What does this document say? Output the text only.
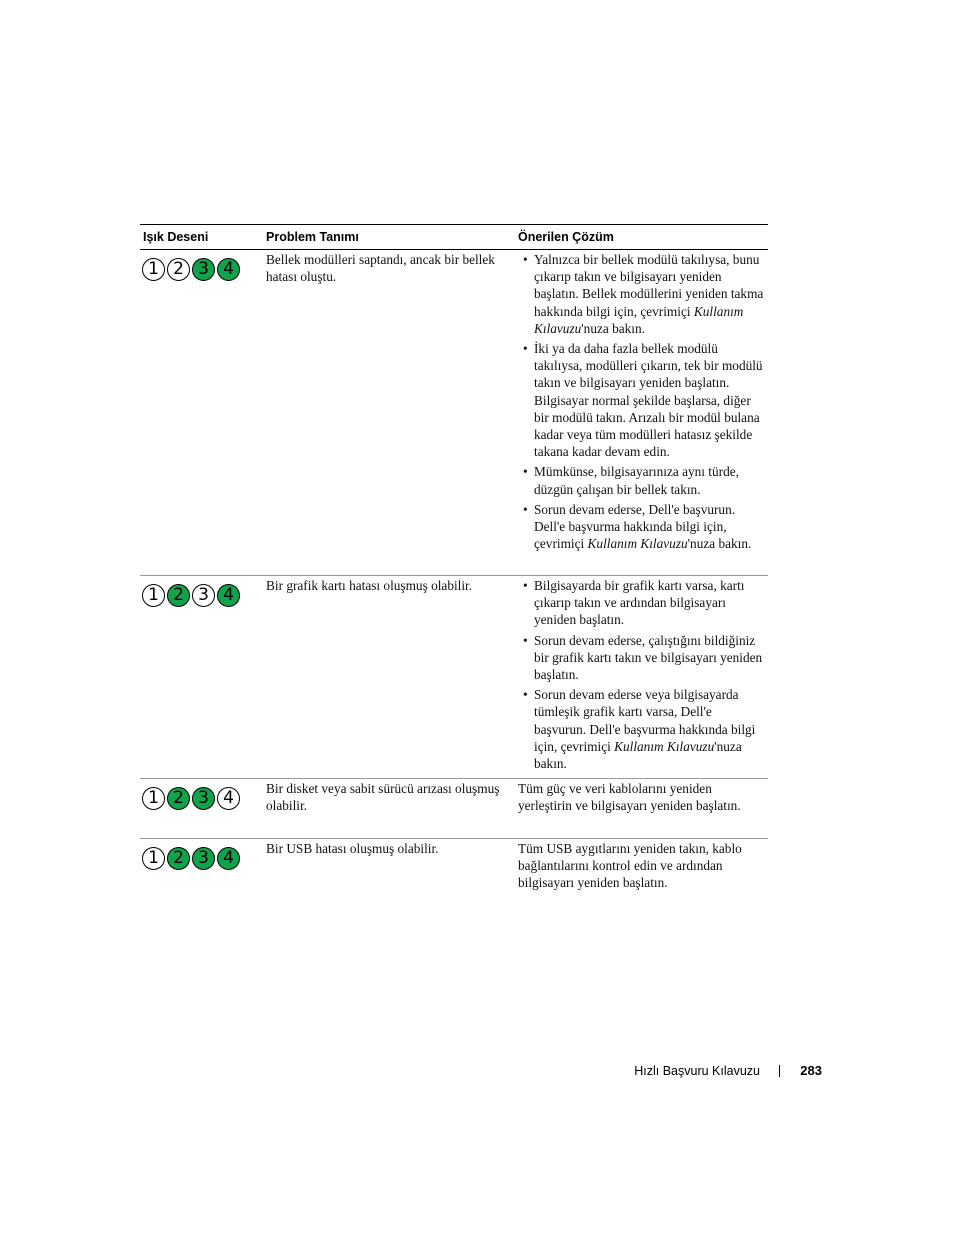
Işık Deseni	Problem Tanımı	Önerilen Çözüm
1 2 3 4	Bellek modülleri saptandı, ancak bir bellek hatası oluştu.
• Yalnızca bir bellek modülü takılıysa, bunu çıkarıp takın ve bilgisayarı yeniden başlatın. Bellek modüllerini yeniden takma hakkında bilgi için, çevrimiçi Kullanım Kılavuzu'nuza bakın.
• İki ya da daha fazla bellek modülü takılıysa, modülleri çıkarın, tek bir modülü takın ve bilgisayarı yeniden başlatın. Bilgisayar normal şekilde başlarsa, diğer bir modülü takın. Arızalı bir modül bulana kadar veya tüm modülleri hatasız şekilde takana kadar devam edin.
• Mümkünse, bilgisayarınıza aynı türde, düzgün çalışan bir bellek takın.
• Sorun devam ederse, Dell'e başvurun. Dell'e başvurma hakkında bilgi için, çevrimiçi Kullanım Kılavuzu'nuza bakın.
1 2 3 4	Bir grafik kartı hatası oluşmuş olabilir.
•	Bilgisayarda bir grafik kartı varsa, kartı çıkarıp takın ve ardından bilgisayarı yeniden başlatın.
• Sorun devam ederse, çalıştığını bildiğiniz bir grafik kartı takın ve bilgisayarı yeniden başlatın.
• Sorun devam ederse veya bilgisayarda tümleşik grafik kartı varsa, Dell'e başvurun. Dell'e başvurma hakkında bilgi için, çevrimiçi Kullanım Kılavuzu'nuza bakın.
1 2 3 4	Bir disket veya sabit sürücü arızası oluşmuş olabilir.
Tüm güç ve veri kablolarını yeniden yerleştirin ve bilgisayarı yeniden başlatın.
1 2 3 4	Bir USB hatası oluşmuş olabilir.	Tüm USB aygıtlarını yeniden takın, kablo bağlantılarını kontrol edin ve ardından bilgisayarı yeniden başlatın.
Hızlı Başvuru Kılavuzu	283
